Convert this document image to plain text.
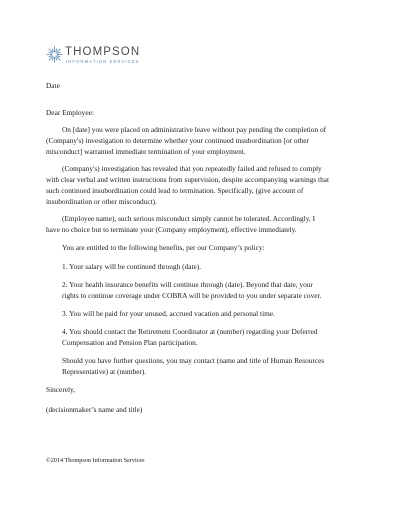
THOMPSON
INFORMATION SERVICES
Date
Dear Employee:
On [date] you were placed on administrative leave without pay pending the completion of
(Company's) investigation to determine whether your continued insubordination [or other
misconduct] warranted immediate termination of your employment.
(Company's) investigation has revealed that you repeatedly failed and refused to comply
with clear verbal and written instructions from supervision, despite accompanying warnings that
such continued insubordination could lead to termination. Specifically, (give account of
insubordination or other misconduct).
(Employee name), such serious misconduct simply cannot be tolerated. Accordingly, I
have no choice but to terminate your (Company employment), effective immediately.
You are entitled to the following benefits, per our Company’s policy:
1. Your salary will be continued through (date).
2. Your health insurance benefits will continue through (date). Beyond that date, your
rights to continue coverage under COBRA will be provided to you under separate cover.
3. You will be paid for your unused, accrued vacation and personal time.
4. You should contact the Retirement Coordinator at (number) regarding your Deferred
Compensation and Pension Plan participation.
Should you have further questions, you may contact (name and title of Human Resources
Representative) at (number).
Sincerely,
(decisionmaker’s name and title)
©2014 Thompson Information Services
